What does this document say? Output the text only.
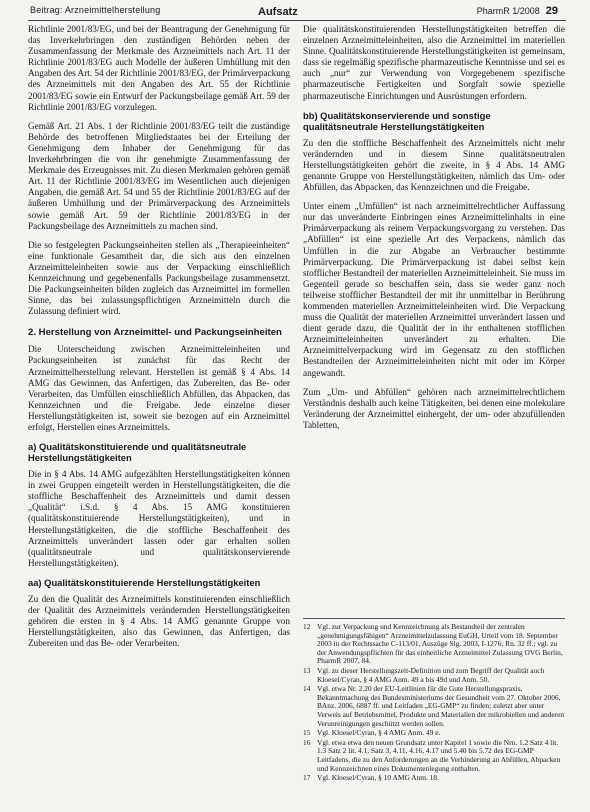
Beitrag: Arzneimittelherstellung	Aufsatz	PharmR 1/2008 29

Richtlinie 2001/83/EG, und bei der Beantragung der Genehmigung für das Inverkehrbringen den zuständigen Behörden neben der Zusammenfassung der Merkmale des Arzneimittels nach Art. 11 der Richtlinie 2001/83/EG auch Modelle der äußeren Umhüllung mit den Angaben des Art. 54 der Richtlinie 2001/83/EG, der Primärverpackung des Arzneimittels mit den Angaben des Art. 55 der Richtlinie 2001/83/EG sowie ein Entwurf der Packungsbeilage gemäß Art. 59 der Richtlinie 2001/83/EG vorzulegen.

Gemäß Art. 21 Abs. 1 der Richtlinie 2001/83/EG teilt die zuständige Behörde des betroffenen Mitgliedstaates bei der Erteilung der Genehmigung dem Inhaber der Genehmigung für das Inverkehrbringen die von ihr genehmigte Zusammenfassung der Merkmale des Erzeugnisses mit. Zu diesen Merkmalen gehören gemäß Art. 11 der Richtlinie 2001/83/EG im Wesentlichen auch diejenigen Angaben, die gemäß Art. 54 und 55 der Richtlinie 2001/83/EG auf der äußeren Umhüllung und der Primärverpackung des Arzneimittels sowie gemäß Art. 59 der Richtlinie 2001/83/EG in der Packungsbeilage des Arzneimittels zu machen sind.

Die so festgelegten Packungseinheiten stellen als „Therapieeinheiten“ eine funktionale Gesamtheit dar, die sich aus den einzelnen Arzneimitteleinheiten sowie aus der Verpackung einschließlich Kennzeichnung und gegebenenfalls Packungsbeilage zusammensetzt. Die Packungseinheiten bilden zugleich das Arzneimittel im formellen Sinne, das bei zulassungspflichtigen Arzneimitteln durch die Zulassung definiert wird.

2. Herstellung von Arzneimittel- und Packungseinheiten

Die Unterscheidung zwischen Arzneimitteleinheiten und Packungseinheiten ist zunächst für das Recht der Arzneimittelherstellung relevant. Herstellen ist gemäß § 4 Abs. 14 AMG das Gewinnen, das Anfertigen, das Zubereiten, das Be- oder Verarbeiten, das Umfüllen einschließlich Abfüllen, das Abpacken, das Kennzeichnen und die Freigabe. Jede einzelne dieser Herstellungstätigkeiten ist, soweit sie bezogen auf ein Arzneimittel erfolgt, Herstellen eines Arzneimittels.

a) Qualitätskonstituierende und qualitätsneutrale Herstellungstätigkeiten

Die in § 4 Abs. 14 AMG aufgezählten Herstellungstätigkeiten können in zwei Gruppen eingeteilt werden in Herstellungstätigkeiten, die die stoffliche Beschaffenheit des Arzneimittels und damit dessen „Qualität“ i.S.d. § 4 Abs. 15 AMG konstituieren (qualitätskonstituierende Herstellungstätigkeiten), und in Herstellungstätigkeiten, die die stoffliche Beschaffenheit des Arzneimittels unverändert lassen oder gar erhalten sollen (qualitätsneutrale und qualitätskonservierende Herstellungstätigkeiten).

aa) Qualitätskonstituierende Herstellungstätigkeiten

Zu den die Qualität des Arzneimittels konstituierenden einschließlich der Qualität des Arzneimittels verändernden Herstellungstätigkeiten gehören die ersten in § 4 Abs. 14 AMG genannte Gruppe von Herstellungstätigkeiten, also das Gewinnen, das Anfertigen, das Zubereiten und das Be- oder Verarbeiten.

Die qualitätskonstituierenden Herstellungstätigkeiten betreffen die einzelnen Arzneimitteleinheiten, also die Arzneimittel im materiellen Sinne. Qualitätskonstituierende Herstellungstätigkeiten ist gemeinsam, dass sie regelmäßig spezifische pharmazeutische Kenntnisse und sei es auch „nur“ zur Verwendung von Vorgegebenem spezifische pharmazeutische Fertigkeiten und Sorgfalt sowie spezielle pharmazeutische Einrichtungen und Ausrüstungen erfordern.

bb) Qualitätskonservierende und sonstige qualitätsneutrale Herstellungstätigkeiten

Zu den die stoffliche Beschaffenheit des Arzneimittels nicht mehr verändernden und in diesem Sinne qualitätsneutralen Herstellungstätigkeiten gehört die zweite, in § 4 Abs. 14 AMG genannte Gruppe von Herstellungstätigkeiten, nämlich das Um- oder Abfüllen, das Abpacken, das Kennzeichnen und die Freigabe.

Unter einem „Umfüllen“ ist nach arzneimittelrechtlicher Auffassung nur das unveränderte Einbringen eines Arzneimittelinhalts in eine Primärverpackung als reinem Verpackungsvorgang zu verstehen. Das „Abfüllen“ ist eine spezielle Art des Verpackens, nämlich das Umfüllen in die zur Abgabe an Verbraucher bestimmte Primärverpackung. Die Primärverpackung ist dabei selbst kein stofflicher Bestandteil der materiellen Arzneimitteleinheit. Sie muss im Gegenteil gerade so beschaffen sein, dass sie weder ganz noch teilweise stofflicher Bestandteil der mit ihr unmittelbar in Berührung kommenden materiellen Arzneimitteleinheiten wird. Die Verpackung muss die Qualität der materiellen Arzneimittel unverändert lassen und dient gerade dazu, die Qualität der in ihr enthaltenen stofflichen Arzneimitteleinheiten unverändert zu erhalten. Die Arzneimittelverpackung wird im Gegensatz zu den stofflichen Bestandteilen der Arzneimitteleinheiten nicht mit oder im Körper angewandt.

Zum „Um- und Abfüllen“ gehören nach arzneimittelrechtlichem Verständnis deshalb auch keine Tätigkeiten, bei denen eine molekulare Veränderung der Arzneimittel einhergeht, der um- oder abzufüllenden Tabletten,

12 Vgl. zur Verpackung und Kennzeichnung als Bestandteil der zentralen „genehmigungsfähigen“ Arzneimittelzulassung EuGH, Urteil vom 18. September 2003 in der Rechtssache C-113/01, Auszüge Slg. 2003, I-1276; Rn. 32 ff.; vgl. zu der Anwendungspflichten für das einheitliche Arzneimittel Zulassung OVG Berlin, PharmR 2007, 84.
13 Vgl. zu dieser Herstellungszeit-Definition und zum Begriff der Qualität auch Kloesel/Cyran, § 4 AMG Anm. 49 a bis 49d und Anm. 50.
14 Vgl. etwa Nr. 2.20 der EU-Leitlinien für die Gute Herstellungspraxis, Bekanntmachung des Bundesministeriums der Gesundheit vom 27. Oktober 2006, BAnz. 2006, 6887 ff. und Leitfaden „EG-GMP“ zu finden; zuletzt aber unter Verweis auf Betriebsmittel, Produkte und Materialien der mikrobiellen und anderen Verunreinigungen geschützt werden sollen.
15 Vgl. Kloesel/Cyran, § 4 AMG Anm. 49 e.
16 Vgl. etwa etwa den neuen Grundsatz unter Kapitel 1 sowie die Nrn. 1.2 Satz 4 lit. 1.3 Satz 2 lit. 4.1, Satz 3, 4.11, 4.16, 4.17 und 5.40 bis 5.72 des EG-GMP Leitfadens, die zu den Anforderungen an die Verhinderung an Abfüllen, Abpacken und Kennzeichnen eines Dokumentenlegung enthalten.
17 Vgl. Kloesel/Cyran, § 10 AMG Anm. 18.
